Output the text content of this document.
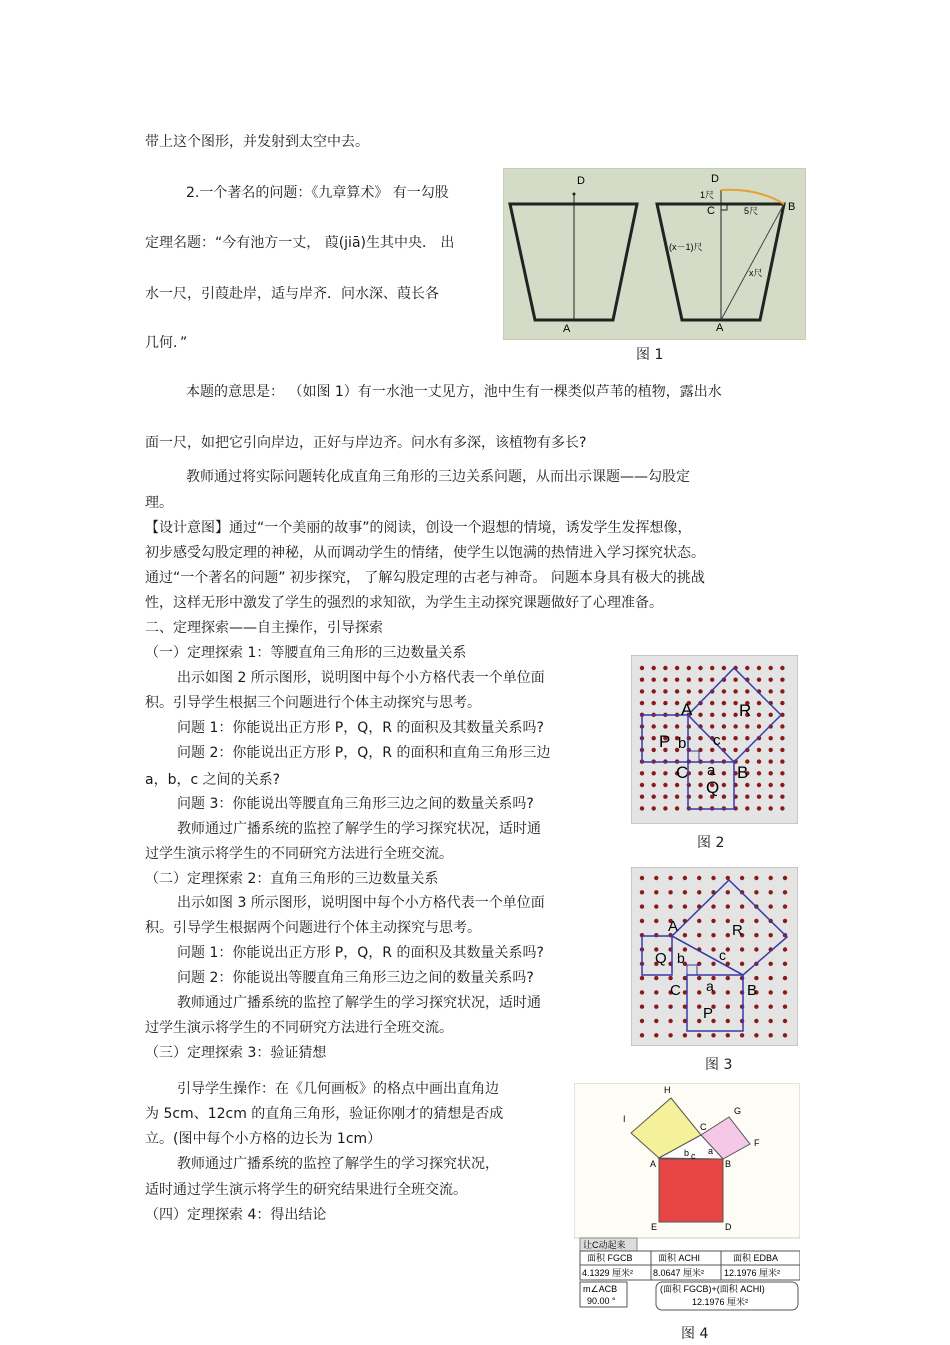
带上这个图形，并发射到太空中去。
2.一个著名的问题：《九章算术》 有一勾股
定理名题：“今有池方一丈， 葭(jiā)生其中央． 出
水一尺，引葭赴岸，适与岸齐．问水深、葭长各
几何．”
本题的意思是： （如图 1）有一水池一丈见方，池中生有一棵类似芦苇的植物，露出水
面一尺，如把它引向岸边，正好与岸边齐。问水有多深，该植物有多长?
教师通过将实际问题转化成直角三角形的三边关系问题，从而出示课题——勾股定
理。
【设计意图】通过“一个美丽的故事”的阅读，创设一个遐想的情境，诱发学生发挥想像，
初步感受勾股定理的神秘，从而调动学生的情绪，使学生以饱满的热情进入学习探究状态。
通过“一个著名的问题” 初步探究， 了解勾股定理的古老与神奇。 问题本身具有极大的挑战
性，这样无形中激发了学生的强烈的求知欲，为学生主动探究课题做好了心理准备。
二、定理探索——自主操作，引导探索
（一）定理探索 1：等腰直角三角形的三边数量关系
出示如图 2 所示图形，说明图中每个小方格代表一个单位面
积。引导学生根据三个问题进行个体主动探究与思考。
问题 1：你能说出正方形 P，Q，R 的面积及其数量关系吗?
问题 2：你能说出正方形 P，Q，R 的面积和直角三角形三边
a，b，c 之间的关系?
问题 3：你能说出等腰直角三角形三边之间的数量关系吗?
教师通过广播系统的监控了解学生的学习探究状况，适时通
过学生演示将学生的不同研究方法进行全班交流。
（二）定理探索 2：直角三角形的三边数量关系
出示如图 3 所示图形，说明图中每个小方格代表一个单位面
积。引导学生根据两个问题进行个体主动探究与思考。
问题 1：你能说出正方形 P，Q，R 的面积及其数量关系吗?
问题 2：你能说出等腰直角三角形三边之间的数量关系吗?
教师通过广播系统的监控了解学生的学习探究状况，适时通
过学生演示将学生的不同研究方法进行全班交流。
（三）定理探索 3：验证猜想
引导学生操作：在《几何画板》的格点中画出直角边
为 5cm、12cm 的直角三角形，验证你刚才的猜想是否成
立。(图中每个小方格的边长为 1cm）
教师通过广播系统的监控了解学生的学习探究状况，
适时通过学生演示将学生的研究结果进行全班交流。
（四）定理探索 4：得出结论
D
A
D
B
C
1尺
5尺
(x－1)尺
x尺
A
图 1
A	R
P b c
C a B
Q
图 2
A	R
Q b c
C a B
P
图 3
H
I
G
C
F
A	B
b c a
E	D
让C动起来
面积 FGCB	面积 ACHI	面积 EDBA
4.1329 厘米² 8.0647 厘米² 12.1976 厘米²
m∠ACB
90.00 °
(面积 FGCB)+(面积 ACHI)
12.1976 厘米²
图 4
